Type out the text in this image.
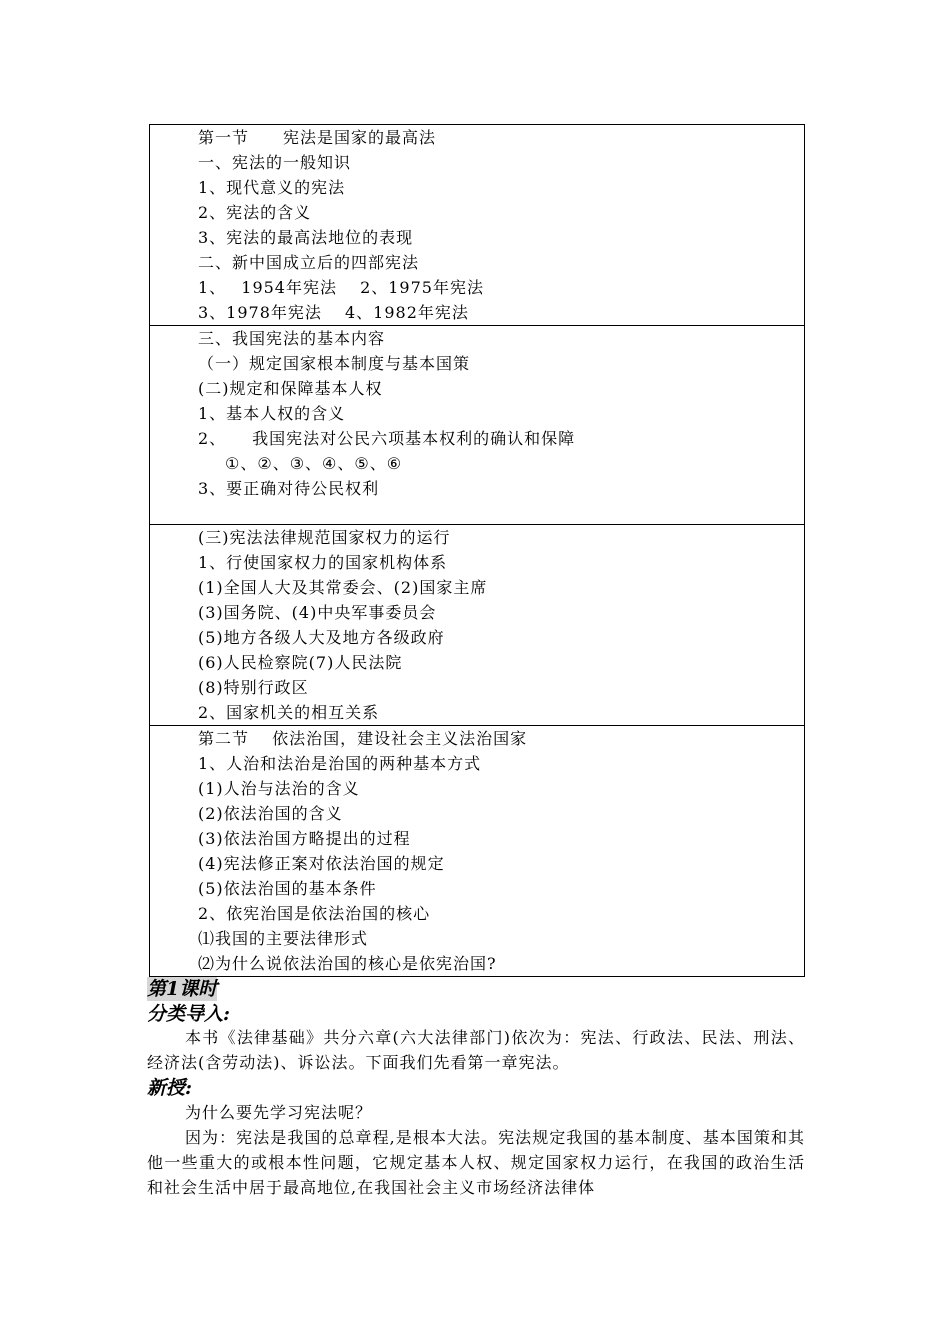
第一节　　宪法是国家的最高法
一、宪法的一般知识
1、现代意义的宪法
2、宪法的含义
3、宪法的最高法地位的表现
二、新中国成立后的四部宪法
1、　 1954年宪法　 2、1975年宪法
3、1978年宪法　 4、1982年宪法

三、我国宪法的基本内容
（一）规定国家根本制度与基本国策
(二)规定和保障基本人权
1、基本人权的含义
2、　　我国宪法对公民六项基本权利的确认和保障
①、②、③、④、⑤、⑥
3、要正确对待公民权利

(三)宪法法律规范国家权力的运行
1、行使国家权力的国家机构体系
(1)全国人大及其常委会、(2)国家主席
(3)国务院、(4)中央军事委员会
(5)地方各级人大及地方各级政府
(6)人民检察院(7)人民法院
(8)特别行政区
2、国家机关的相互关系

第二节　 依法治国，建设社会主义法治国家
1、人治和法治是治国的两种基本方式
(1)人治与法治的含义
(2)依法治国的含义
(3)依法治国方略提出的过程
(4)宪法修正案对依法治国的规定
(5)依法治国的基本条件
2、依宪治国是依法治国的核心
⑴我国的主要法律形式
⑵为什么说依法治国的核心是依宪治国?

第1课时

分类导入:

本书《法律基础》共分六章(六大法律部门)依次为：宪法、行政法、民法、刑法、经济法(含劳动法)、诉讼法。下面我们先看第一章宪法。

新授:

为什么要先学习宪法呢？

因为：宪法是我国的总章程,是根本大法。宪法规定我国的基本制度、基本国策和其他一些重大的或根本性问题，它规定基本人权、规定国家权力运行，在我国的政治生活和社会生活中居于最高地位,在我国社会主义市场经济法律体
